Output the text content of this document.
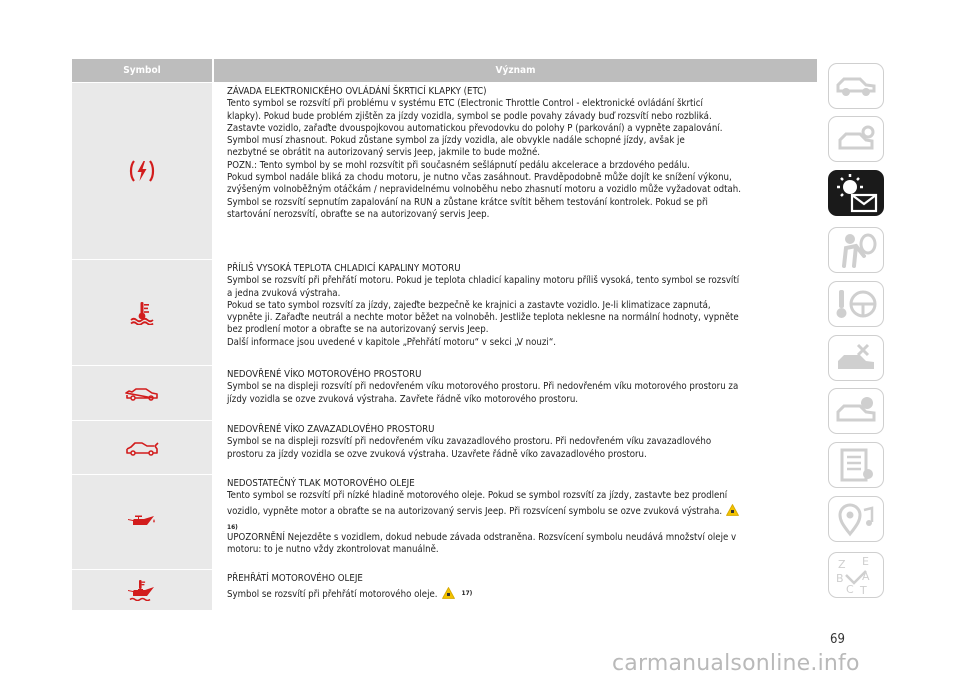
Symbol	Význam

ZÁVADA ELEKTRONICKÉHO OVLÁDÁNÍ ŠKRTICÍ KLAPKY (ETC)

Tento symbol se rozsvítí při problému v systému ETC (Electronic Throttle Control - elektronické ovládání škrticí

klapky). Pokud bude problém zjištěn za jízdy vozidla, symbol se podle povahy závady buď rozsvítí nebo rozbliká.

Zastavte vozidlo, zařaďte dvouspojkovou automatickou převodovku do polohy P (parkování) a vypněte zapalování.

Symbol musí zhasnout. Pokud zůstane symbol za jízdy vozidla, ale obvykle nadále schopné jízdy, avšak je

nezbytné se obrátit na autorizovaný servis Jeep, jakmile to bude možné.

POZN.: Tento symbol by se mohl rozsvítit při současném sešlápnutí pedálu akcelerace a brzdového pedálu.

Pokud symbol nadále bliká za chodu motoru, je nutno včas zasáhnout. Pravděpodobně může dojít ke snížení výkonu,

zvýšeným volnoběžným otáčkám / nepravidelnému volnoběhu nebo zhasnutí motoru a vozidlo může vyžadovat odtah.

Symbol se rozsvítí sepnutím zapalování na RUN a zůstane krátce svítit během testování kontrolek. Pokud se při

startování nerozsvítí, obraťte se na autorizovaný servis Jeep.

PŘÍLIŠ VYSOKÁ TEPLOTA CHLADICÍ KAPALINY MOTORU

Symbol se rozsvítí při přehřátí motoru. Pokud je teplota chladicí kapaliny motoru příliš vysoká, tento symbol se rozsvítí

a jedna zvuková výstraha.

Pokud se tato symbol rozsvítí za jízdy, zajeďte bezpečně ke krajnici a zastavte vozidlo. Je-li klimatizace zapnutá,

vypněte ji. Zařaďte neutrál a nechte motor běžet na volnoběh. Jestliže teplota neklesne na normální hodnoty, vypněte

bez prodlení motor a obraťte se na autorizovaný servis Jeep.

Další informace jsou uvedené v kapitole „Přehřátí motoru“ v sekci „V nouzi“.

NEDOVŘENÉ VÍKO MOTOROVÉHO PROSTORU

Symbol se na displeji rozsvítí při nedovřeném víku motorového prostoru. Při nedovřeném víku motorového prostoru za

jízdy vozidla se ozve zvuková výstraha. Zavřete řádně víko motorového prostoru.

NEDOVŘENÉ VÍKO ZAVAZADLOVÉHO PROSTORU

Symbol se na displeji rozsvítí při nedovřeném víku zavazadlového prostoru. Při nedovřeném víku zavazadlového

prostoru za jízdy vozidla se ozve zvuková výstraha. Uzavřete řádně víko zavazadlového prostoru.

NEDOSTATEČNÝ TLAK MOTOROVÉHO OLEJE

Tento symbol se rozsvítí při nízké hladině motorového oleje. Pokud se symbol rozsvítí za jízdy, zastavte bez prodlení

vozidlo, vypněte motor a obraťte se na autorizovaný servis Jeep. Při rozsvícení symbolu se ozve zvuková výstraha.

16)

UPOZORNĚNÍ Nejezděte s vozidlem, dokud nebude závada odstraněna. Rozsvícení symbolu neudává množství oleje v

motoru: to je nutno vždy zkontrolovat manuálně.

PŘEHŘÁTÍ MOTOROVÉHO OLEJE

Symbol se rozsvítí při přehřátí motorového oleje.	$^{17)}$

Z E
B A
C T
69
carmanualsonline.info
